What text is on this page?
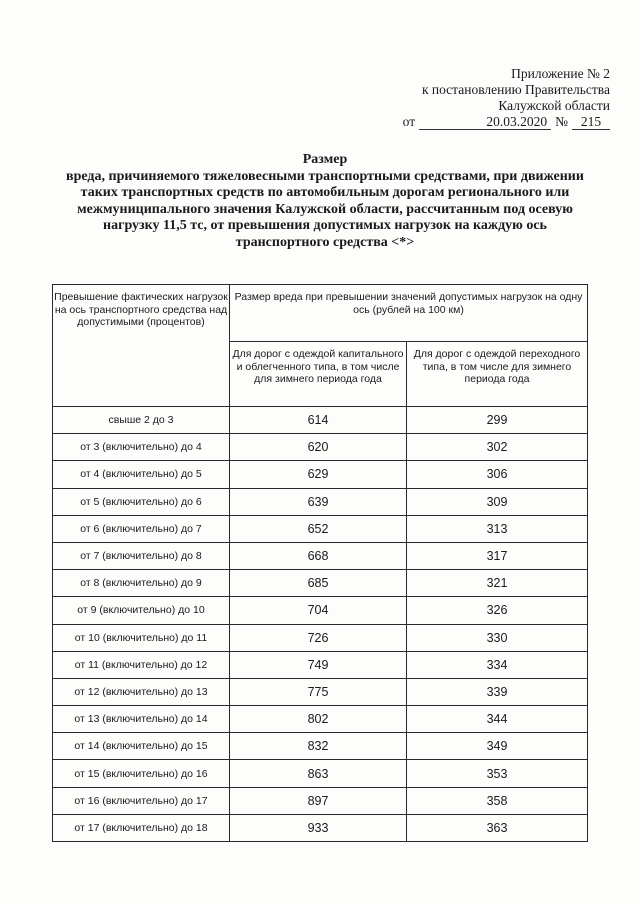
Приложение № 2
к постановлению Правительства
Калужской области
от	20.03.2020 № 215
Размер
вреда, причиняемого тяжеловесными транспортными средствами, при движении таких транспортных средств по автомобильным дорогам регионального или межмуниципального значения Калужской области, рассчитанным под осевую нагрузку 11,5 тс, от превышения допустимых нагрузок на каждую ось транспортного средства <*>
Превышение фактических нагрузок на ось транспортного средства над допустимыми (процентов)	Размер вреда при превышении значений допустимых нагрузок на одну ось (рублей на 100 км)	
	Для дорог с одеждой капитального и облегченного типа, в том числе для зимнего периода года	Для дорог с одеждой переходного типа, в том числе для зимнего периода года
свыше 2 до 3	614	299
от 3 (включительно) до 4	620	302
от 4 (включительно) до 5	629	306
от 5 (включительно) до 6	639	309
от 6 (включительно) до 7	652	313
от 7 (включительно) до 8	668	317
от 8 (включительно) до 9	685	321
от 9 (включительно) до 10	704	326
от 10 (включительно) до 11	726	330
от 11 (включительно) до 12	749	334
от 12 (включительно) до 13	775	339
от 13 (включительно) до 14	802	344
от 14 (включительно) до 15	832	349
от 15 (включительно) до 16	863	353
от 16 (включительно) до 17	897	358
от 17 (включительно) до 18	933	363
